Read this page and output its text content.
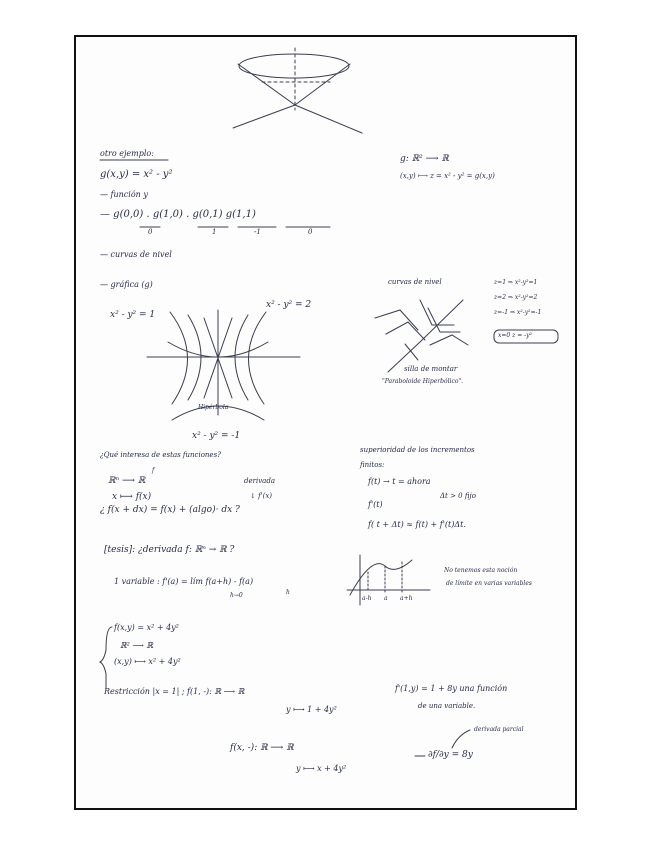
otro ejemplo:
g(x,y) = x² - y²
— función y
— g(0,0) . g(1,0) . g(0,1) g(1,1)
0	1	-1	0
— curvas de nivel
— gráfica (g)
g: ℝ² ⟶ ℝ
(x,y) ⟼ z = x² - y² = g(x,y)
x² - y² = 1
x² - y² = 2
Hipérbola
x² - y² = -1
curvas de nivel	z=1 ⇒ x²-y²=1
z=2 ⇒ x²-y²=2
z=-1 ⇒ x²-y²=-1
x=0 z = -y²
silla de montar
"Paraboloide Hiperbólico".
¿Qué interesa de estas funciones?
f
ℝⁿ ⟶ ℝ
x ⟼ f(x)
derivada
↓ f'(x)
¿ f(x + dx) = f(x) + (algo)· dx ?
superioridad de los incrementos
finitos:
f(t) → t = ahora
Δt > 0 fijo
f'(t)
f( t + Δt) ≈ f(t) + f'(t)Δt.
[tesis]: ¿derivada f: ℝⁿ → ℝ ?
1 variable : f'(a) = lím f(a+h) - f(a)
h→0	h
a-h a a+h
No tenemos esta noción
de límite en varias variables
f(x,y) = x² + 4y²
ℝ² ⟶ ℝ
(x,y) ⟼ x² + 4y²
Restricción |x = 1| ; f(1, -): ℝ ⟶ ℝ
y ⟼ 1 + 4y²
f'(1,y) = 1 + 8y una función
de una variable.
derivada parcial
f(x, -): ℝ ⟶ ℝ
y ⟼ x + 4y²
∂f/∂y = 8y
